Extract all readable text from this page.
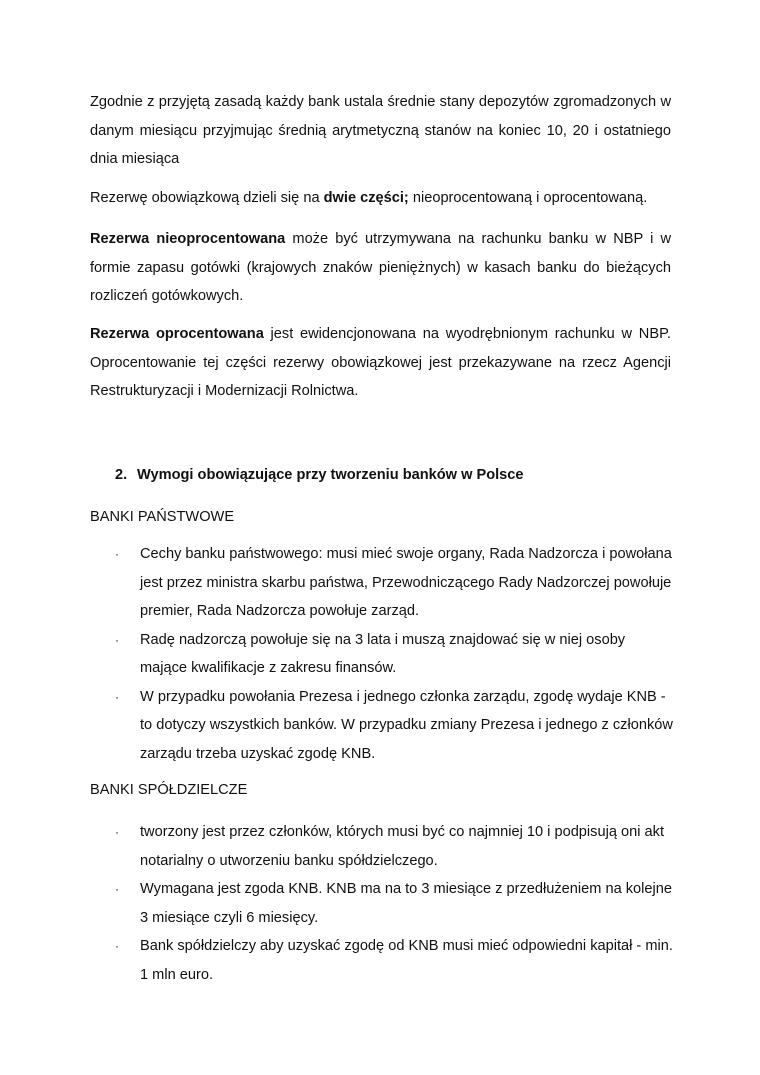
Zgodnie z przyjętą zasadą każdy bank ustala średnie stany depozytów zgromadzonych w danym miesiącu przyjmując średnią arytmetyczną stanów na koniec 10, 20 i ostatniego dnia miesiąca

Rezerwę obowiązkową dzieli się na dwie części; nieoprocentowaną i oprocentowaną.

Rezerwa nieoprocentowana może być utrzymywana na rachunku banku w NBP i w formie zapasu gotówki (krajowych znaków pieniężnych) w kasach banku do bieżących rozliczeń gotówkowych.

Rezerwa oprocentowana jest ewidencjonowana na wyodrębnionym rachunku w NBP. Oprocentowanie tej części rezerwy obowiązkowej jest przekazywane na rzecz Agencji Restrukturyzacji i Modernizacji Rolnictwa.

2. Wymogi obowiązujące przy tworzeniu banków w Polsce

BANKI PAŃSTWOWE

· Cechy banku państwowego: musi mieć swoje organy, Rada Nadzorcza i powołana jest przez ministra skarbu państwa, Przewodniczącego Rady Nadzorczej powołuje premier, Rada Nadzorcza powołuje zarząd.
· Radę nadzorczą powołuje się na 3 lata i muszą znajdować się w niej osoby mające kwalifikacje z zakresu finansów.
· W przypadku powołania Prezesa i jednego członka zarządu, zgodę wydaje KNB - to dotyczy wszystkich banków. W przypadku zmiany Prezesa i jednego z członków zarządu trzeba uzyskać zgodę KNB.

BANKI SPÓŁDZIELCZE

· tworzony jest przez członków, których musi być co najmniej 10 i podpisują oni akt notarialny o utworzeniu banku spółdzielczego.
· Wymagana jest zgoda KNB. KNB ma na to 3 miesiące z przedłużeniem na kolejne 3 miesiące czyli 6 miesięcy.
· Bank spółdzielczy aby uzyskać zgodę od KNB musi mieć odpowiedni kapitał - min. 1 mln euro.
